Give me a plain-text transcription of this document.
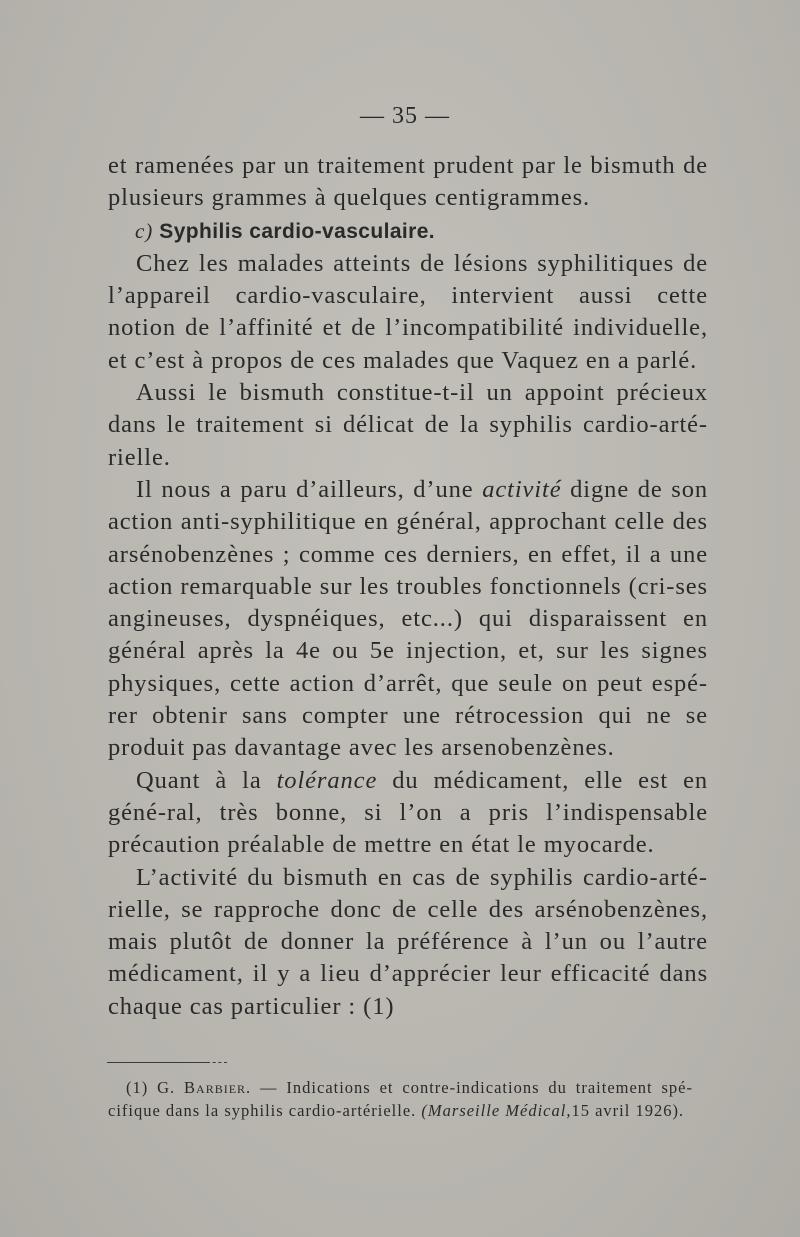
— 35 —

et ramenées par un traitement prudent par le bismuth de plusieurs grammes à quelques centigrammes.

c) Syphilis cardio-vasculaire.

Chez les malades atteints de lésions syphilitiques de l’appareil cardio-vasculaire, intervient aussi cette notion de l’affinité et de l’incompatibilité individuelle, et c’est à propos de ces malades que Vaquez en a parlé.

Aussi le bismuth constitue-t-il un appoint précieux dans le traitement si délicat de la syphilis cardio-arté-rielle.

Il nous a paru d’ailleurs, d’une activité digne de son action anti-syphilitique en général, approchant celle des arsénobenzènes ; comme ces derniers, en effet, il a une action remarquable sur les troubles fonctionnels (cri-ses angineuses, dyspnéiques, etc...) qui disparaissent en général après la 4e ou 5e injection, et, sur les signes physiques, cette action d’arrêt, que seule on peut espé-rer obtenir sans compter une rétrocession qui ne se produit pas davantage avec les arsenobenzènes.

Quant à la tolérance du médicament, elle est en géné-ral, très bonne, si l’on a pris l’indispensable précaution préalable de mettre en état le myocarde.

L’activité du bismuth en cas de syphilis cardio-arté-rielle, se rapproche donc de celle des arsénobenzènes, mais plutôt de donner la préférence à l’un ou l’autre médicament, il y a lieu d’apprécier leur efficacité dans chaque cas particulier : (1)

(1) G. Barbier. — Indications et contre-indications du traitement spé-cifique dans la syphilis cardio-artérielle. (Marseille Médical,15 avril 1926).
